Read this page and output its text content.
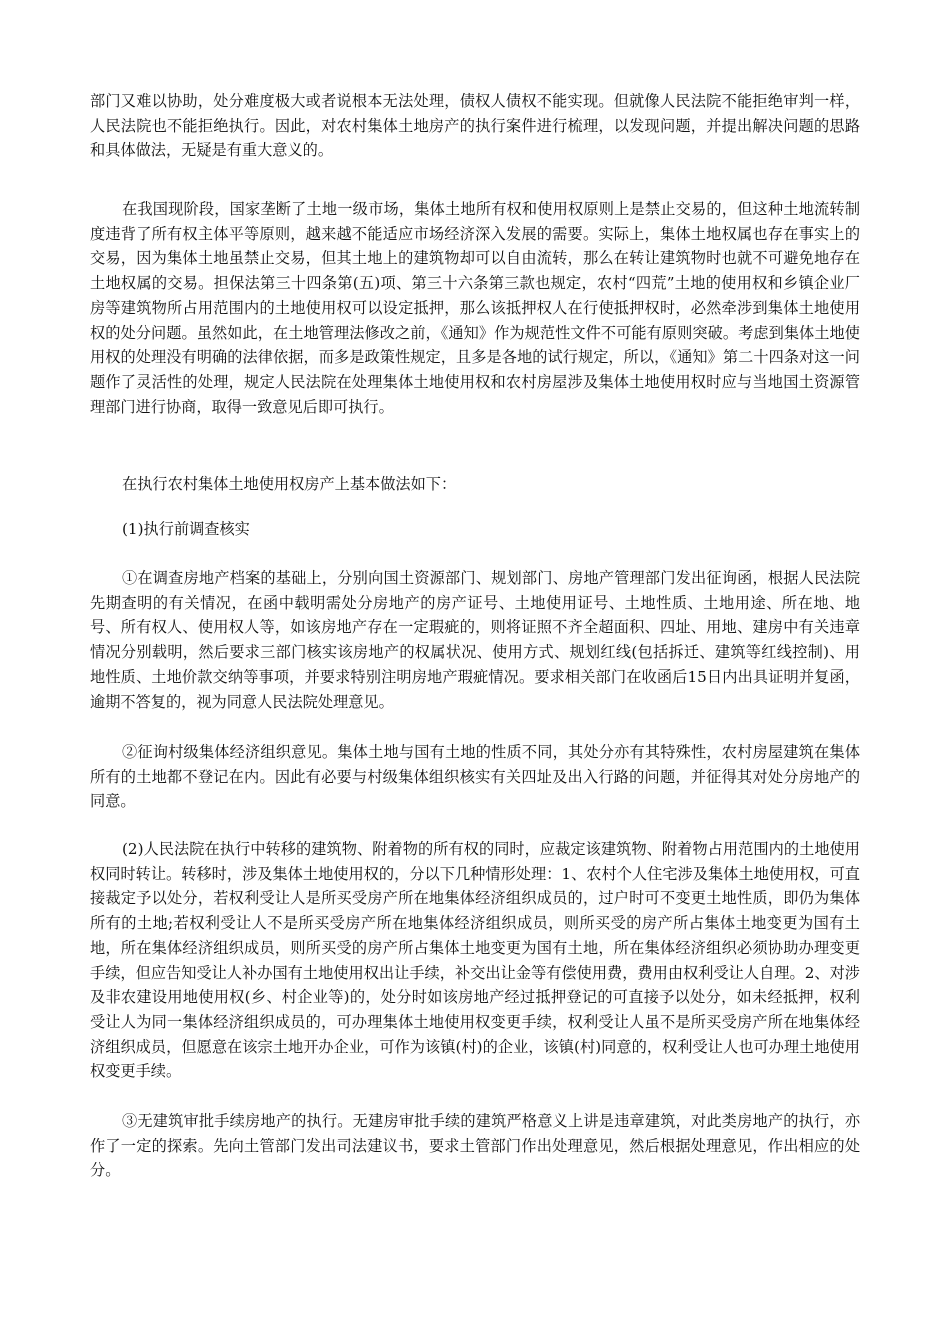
部门又难以协助，处分难度极大或者说根本无法处理，债权人债权不能实现。但就像人民法院不能拒绝审判一样，人民法院也不能拒绝执行。因此，对农村集体土地房产的执行案件进行梳理，以发现问题，并提出解决问题的思路和具体做法，无疑是有重大意义的。

在我国现阶段，国家垄断了土地一级市场，集体土地所有权和使用权原则上是禁止交易的，但这种土地流转制度违背了所有权主体平等原则，越来越不能适应市场经济深入发展的需要。实际上，集体土地权属也存在事实上的交易，因为集体土地虽禁止交易，但其土地上的建筑物却可以自由流转，那么在转让建筑物时也就不可避免地存在土地权属的交易。担保法第三十四条第(五)项、第三十六条第三款也规定，农村“四荒”土地的使用权和乡镇企业厂房等建筑物所占用范围内的土地使用权可以设定抵押，那么该抵押权人在行使抵押权时，必然牵涉到集体土地使用权的处分问题。虽然如此，在土地管理法修改之前，《通知》作为规范性文件不可能有原则突破。考虑到集体土地使用权的处理没有明确的法律依据，而多是政策性规定，且多是各地的试行规定，所以，《通知》第二十四条对这一问题作了灵活性的处理，规定人民法院在处理集体土地使用权和农村房屋涉及集体土地使用权时应与当地国土资源管理部门进行协商，取得一致意见后即可执行。

在执行农村集体土地使用权房产上基本做法如下：

(1)执行前调查核实

①在调查房地产档案的基础上，分别向国土资源部门、规划部门、房地产管理部门发出征询函，根据人民法院先期查明的有关情况，在函中载明需处分房地产的房产证号、土地使用证号、土地性质、土地用途、所在地、地号、所有权人、使用权人等，如该房地产存在一定瑕疵的，则将证照不齐全超面积、四址、用地、建房中有关违章情况分别载明，然后要求三部门核实该房地产的权属状况、使用方式、规划红线(包括拆迁、建筑等红线控制)、用地性质、土地价款交纳等事项，并要求特别注明房地产瑕疵情况。要求相关部门在收函后15日内出具证明并复函，逾期不答复的，视为同意人民法院处理意见。

②征询村级集体经济组织意见。集体土地与国有土地的性质不同，其处分亦有其特殊性，农村房屋建筑在集体所有的土地都不登记在内。因此有必要与村级集体组织核实有关四址及出入行路的问题，并征得其对处分房地产的同意。

(2)人民法院在执行中转移的建筑物、附着物的所有权的同时，应裁定该建筑物、附着物占用范围内的土地使用权同时转让。转移时，涉及集体土地使用权的，分以下几种情形处理：1、农村个人住宅涉及集体土地使用权，可直接裁定予以处分，若权利受让人是所买受房产所在地集体经济组织成员的，过户时可不变更土地性质，即仍为集体所有的土地;若权利受让人不是所买受房产所在地集体经济组织成员，则所买受的房产所占集体土地变更为国有土地，所在集体经济组织成员，则所买受的房产所占集体土地变更为国有土地，所在集体经济组织必须协助办理变更手续，但应告知受让人补办国有土地使用权出让手续，补交出让金等有偿使用费，费用由权利受让人自理。2、对涉及非农建设用地使用权(乡、村企业等)的，处分时如该房地产经过抵押登记的可直接予以处分，如未经抵押，权利受让人为同一集体经济组织成员的，可办理集体土地使用权变更手续，权利受让人虽不是所买受房产所在地集体经济组织成员，但愿意在该宗土地开办企业，可作为该镇(村)的企业，该镇(村)同意的，权利受让人也可办理土地使用权变更手续。

③无建筑审批手续房地产的执行。无建房审批手续的建筑严格意义上讲是违章建筑，对此类房地产的执行，亦作了一定的探索。先向土管部门发出司法建议书，要求土管部门作出处理意见，然后根据处理意见，作出相应的处分。
